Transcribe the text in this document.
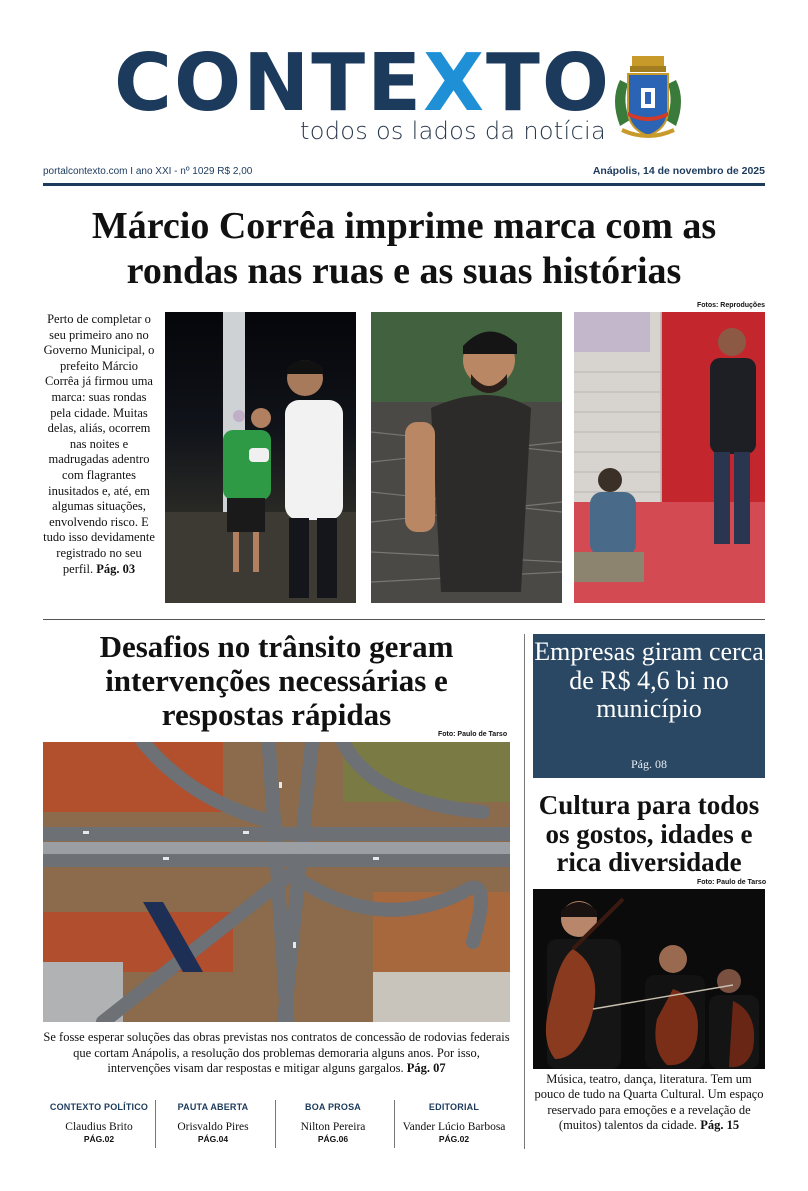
CONTEXTO
todos os lados da notícia
portalcontexto.com I ano XXI - nº 1029 R$ 2,00	Anápolis, 14 de novembro de 2025
Márcio Corrêa imprime marca com as rondas nas ruas e as suas histórias
Fotos: Reproduções
Perto de completar o seu primeiro ano no Governo Municipal, o prefeito Márcio Corrêa já firmou uma marca: suas rondas pela cidade. Muitas delas, aliás, ocorrem nas noites e madrugadas adentro com flagrantes inusitados e, até, em algumas situações, envolvendo risco. E tudo isso devidamente registrado no seu perfil. Pág. 03
Desafios no trânsito geram intervenções necessárias e respostas rápidas
Foto: Paulo de Tarso
Se fosse esperar soluções das obras previstas nos contratos de concessão de rodovias federais que cortam Anápolis, a resolução dos problemas demoraria alguns anos. Por isso, intervenções visam dar respostas e mitigar alguns gargalos. Pág. 07
Empresas giram cerca de R$ 4,6 bi no município
Pág. 08
Cultura para todos os gostos, idades e rica diversidade
Foto: Paulo de Tarso
Música, teatro, dança, literatura. Tem um pouco de tudo na Quarta Cultural. Um espaço reservado para emoções e a revelação de (muitos) talentos da cidade. Pág. 15
CONTEXTO POLÍTICO
Claudius Brito
PÁG.02
PAUTA ABERTA
Orisvaldo Pires
PÁG.04
BOA PROSA
Nilton Pereira
PÁG.06
EDITORIAL
Vander Lúcio Barbosa
PÁG.02
